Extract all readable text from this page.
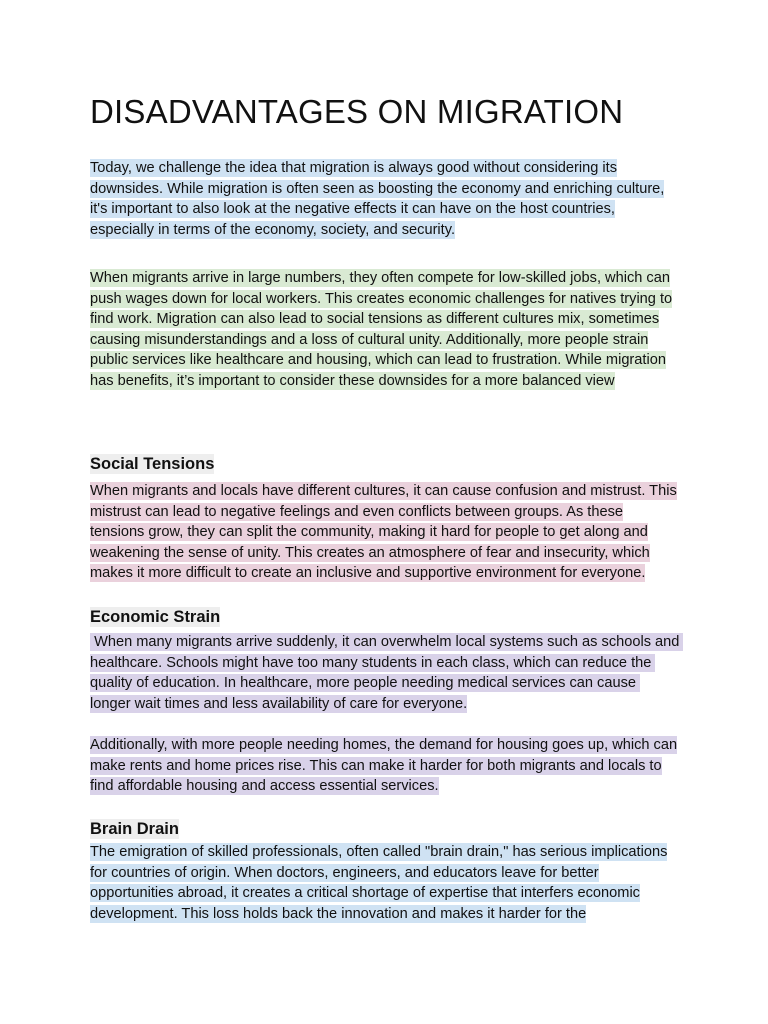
DISADVANTAGES ON MIGRATION

Today, we challenge the idea that migration is always good without considering its downsides. While migration is often seen as boosting the economy and enriching culture, it's important to also look at the negative effects it can have on the host countries, especially in terms of the economy, society, and security.

When migrants arrive in large numbers, they often compete for low-skilled jobs, which can push wages down for local workers. This creates economic challenges for natives trying to find work. Migration can also lead to social tensions as different cultures mix, sometimes causing misunderstandings and a loss of cultural unity. Additionally, more people strain public services like healthcare and housing, which can lead to frustration. While migration has benefits, it’s important to consider these downsides for a more balanced view

Social Tensions

When migrants and locals have different cultures, it can cause confusion and mistrust. This mistrust can lead to negative feelings and even conflicts between groups. As these tensions grow, they can split the community, making it hard for people to get along and weakening the sense of unity. This creates an atmosphere of fear and insecurity, which makes it more difficult to create an inclusive and supportive environment for everyone.

Economic Strain

When many migrants arrive suddenly, it can overwhelm local systems such as schools and healthcare. Schools might have too many students in each class, which can reduce the quality of education. In healthcare, more people needing medical services can cause longer wait times and less availability of care for everyone.

Additionally, with more people needing homes, the demand for housing goes up, which can make rents and home prices rise. This can make it harder for both migrants and locals to find affordable housing and access essential services.

Brain Drain

The emigration of skilled professionals, often called "brain drain," has serious implications for countries of origin. When doctors, engineers, and educators leave for better opportunities abroad, it creates a critical shortage of expertise that interfers economic development. This loss holds back the innovation and makes it harder for the
